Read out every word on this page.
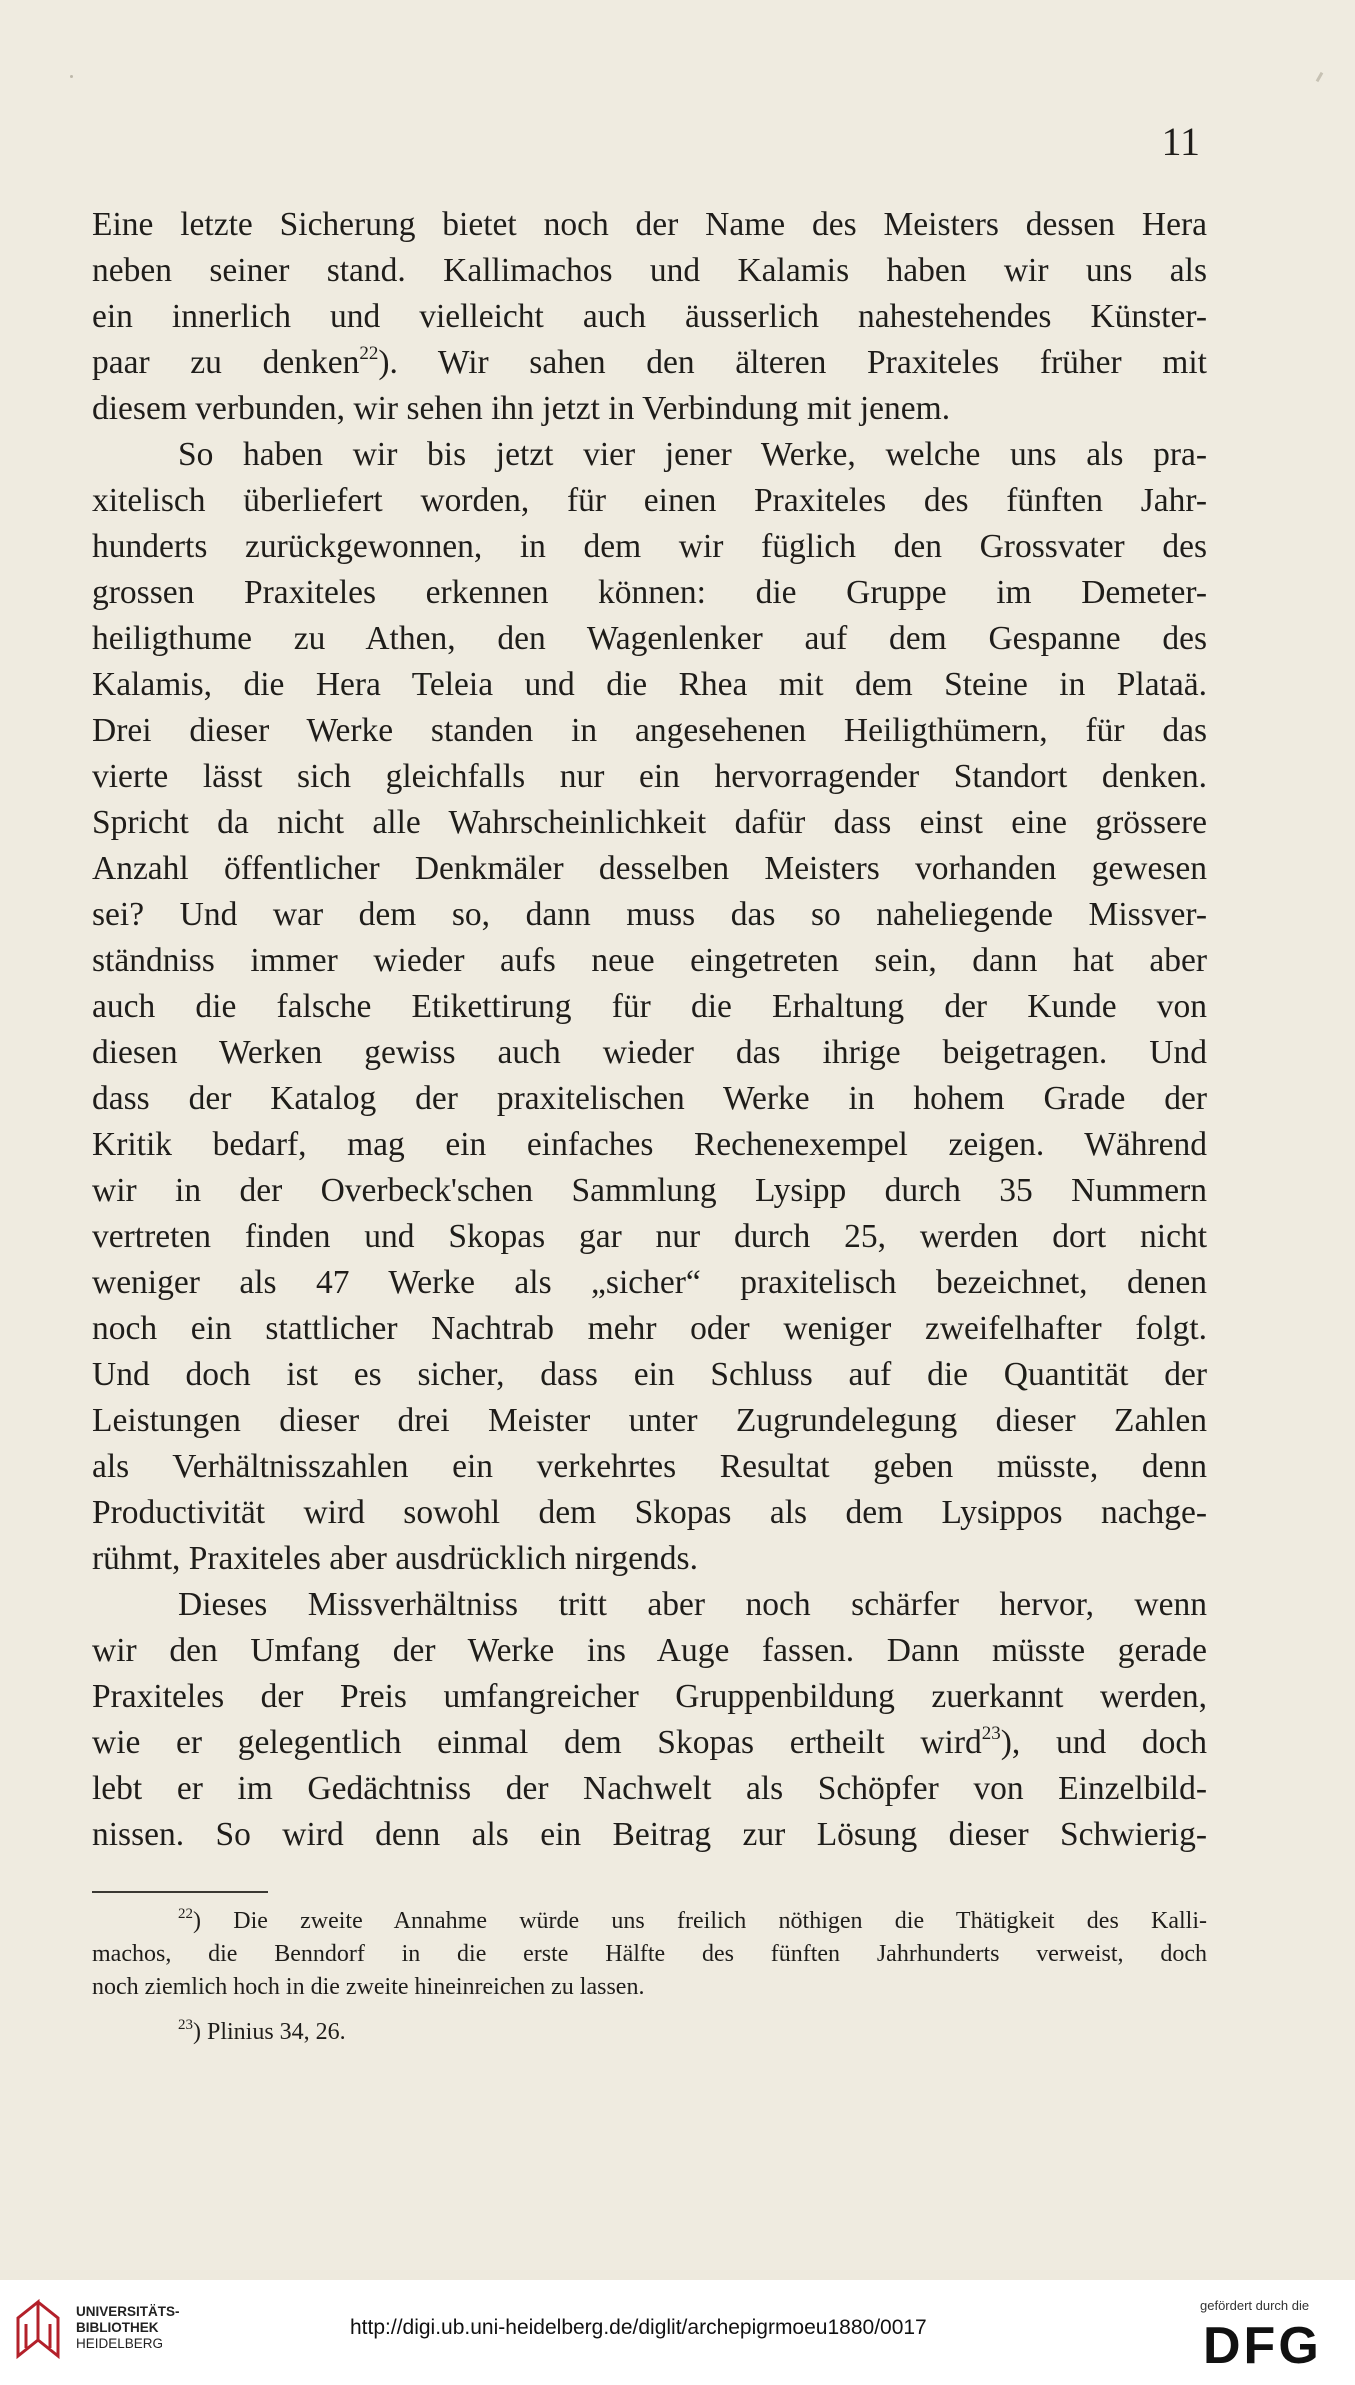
11
Eine letzte Sicherung bietet noch der Name des Meisters dessen Hera
neben seiner stand. Kallimachos und Kalamis haben wir uns als
ein innerlich und vielleicht auch äusserlich nahestehendes Künster-
paar zu denken$^{22}$). Wir sahen den älteren Praxiteles früher mit
diesem verbunden, wir sehen ihn jetzt in Verbindung mit jenem.
So haben wir bis jetzt vier jener Werke, welche uns als pra-
xitelisch überliefert worden, für einen Praxiteles des fünften Jahr-
hunderts zurückgewonnen, in dem wir füglich den Grossvater des
grossen Praxiteles erkennen können: die Gruppe im Demeter-
heiligthume zu Athen, den Wagenlenker auf dem Gespanne des
Kalamis, die Hera Teleia und die Rhea mit dem Steine in Plataä.
Drei dieser Werke standen in angesehenen Heiligthümern, für das
vierte lässt sich gleichfalls nur ein hervorragender Standort denken.
Spricht da nicht alle Wahrscheinlichkeit dafür dass einst eine grössere
Anzahl öffentlicher Denkmäler desselben Meisters vorhanden gewesen
sei? Und war dem so, dann muss das so naheliegende Missver-
ständniss immer wieder aufs neue eingetreten sein, dann hat aber
auch die falsche Etikettirung für die Erhaltung der Kunde von
diesen Werken gewiss auch wieder das ihrige beigetragen. Und
dass der Katalog der praxitelischen Werke in hohem Grade der
Kritik bedarf, mag ein einfaches Rechenexempel zeigen. Während
wir in der Overbeck'schen Sammlung Lysipp durch 35 Nummern
vertreten finden und Skopas gar nur durch 25, werden dort nicht
weniger als 47 Werke als „sicher“ praxitelisch bezeichnet, denen
noch ein stattlicher Nachtrab mehr oder weniger zweifelhafter folgt.
Und doch ist es sicher, dass ein Schluss auf die Quantität der
Leistungen dieser drei Meister unter Zugrundelegung dieser Zahlen
als Verhältnisszahlen ein verkehrtes Resultat geben müsste, denn
Productivität wird sowohl dem Skopas als dem Lysippos nachge-
rühmt, Praxiteles aber ausdrücklich nirgends.
Dieses Missverhältniss tritt aber noch schärfer hervor, wenn
wir den Umfang der Werke ins Auge fassen. Dann müsste gerade
Praxiteles der Preis umfangreicher Gruppenbildung zuerkannt werden,
wie er gelegentlich einmal dem Skopas ertheilt wird$^{23}$), und doch
lebt er im Gedächtniss der Nachwelt als Schöpfer von Einzelbild-
nissen. So wird denn als ein Beitrag zur Lösung dieser Schwierig-
$^{22}$) Die zweite Annahme würde uns freilich nöthigen die Thätigkeit des Kalli-
machos, die Benndorf in die erste Hälfte des fünften Jahrhunderts verweist, doch
noch ziemlich hoch in die zweite hineinreichen zu lassen.
$^{23}$) Plinius 34, 26.
UNIVERSITÄTS-
BIBLIOTHEK
HEIDELBERG
http://digi.ub.uni-heidelberg.de/diglit/archepigrmoeu1880/0017
gefördert durch die
DFG
